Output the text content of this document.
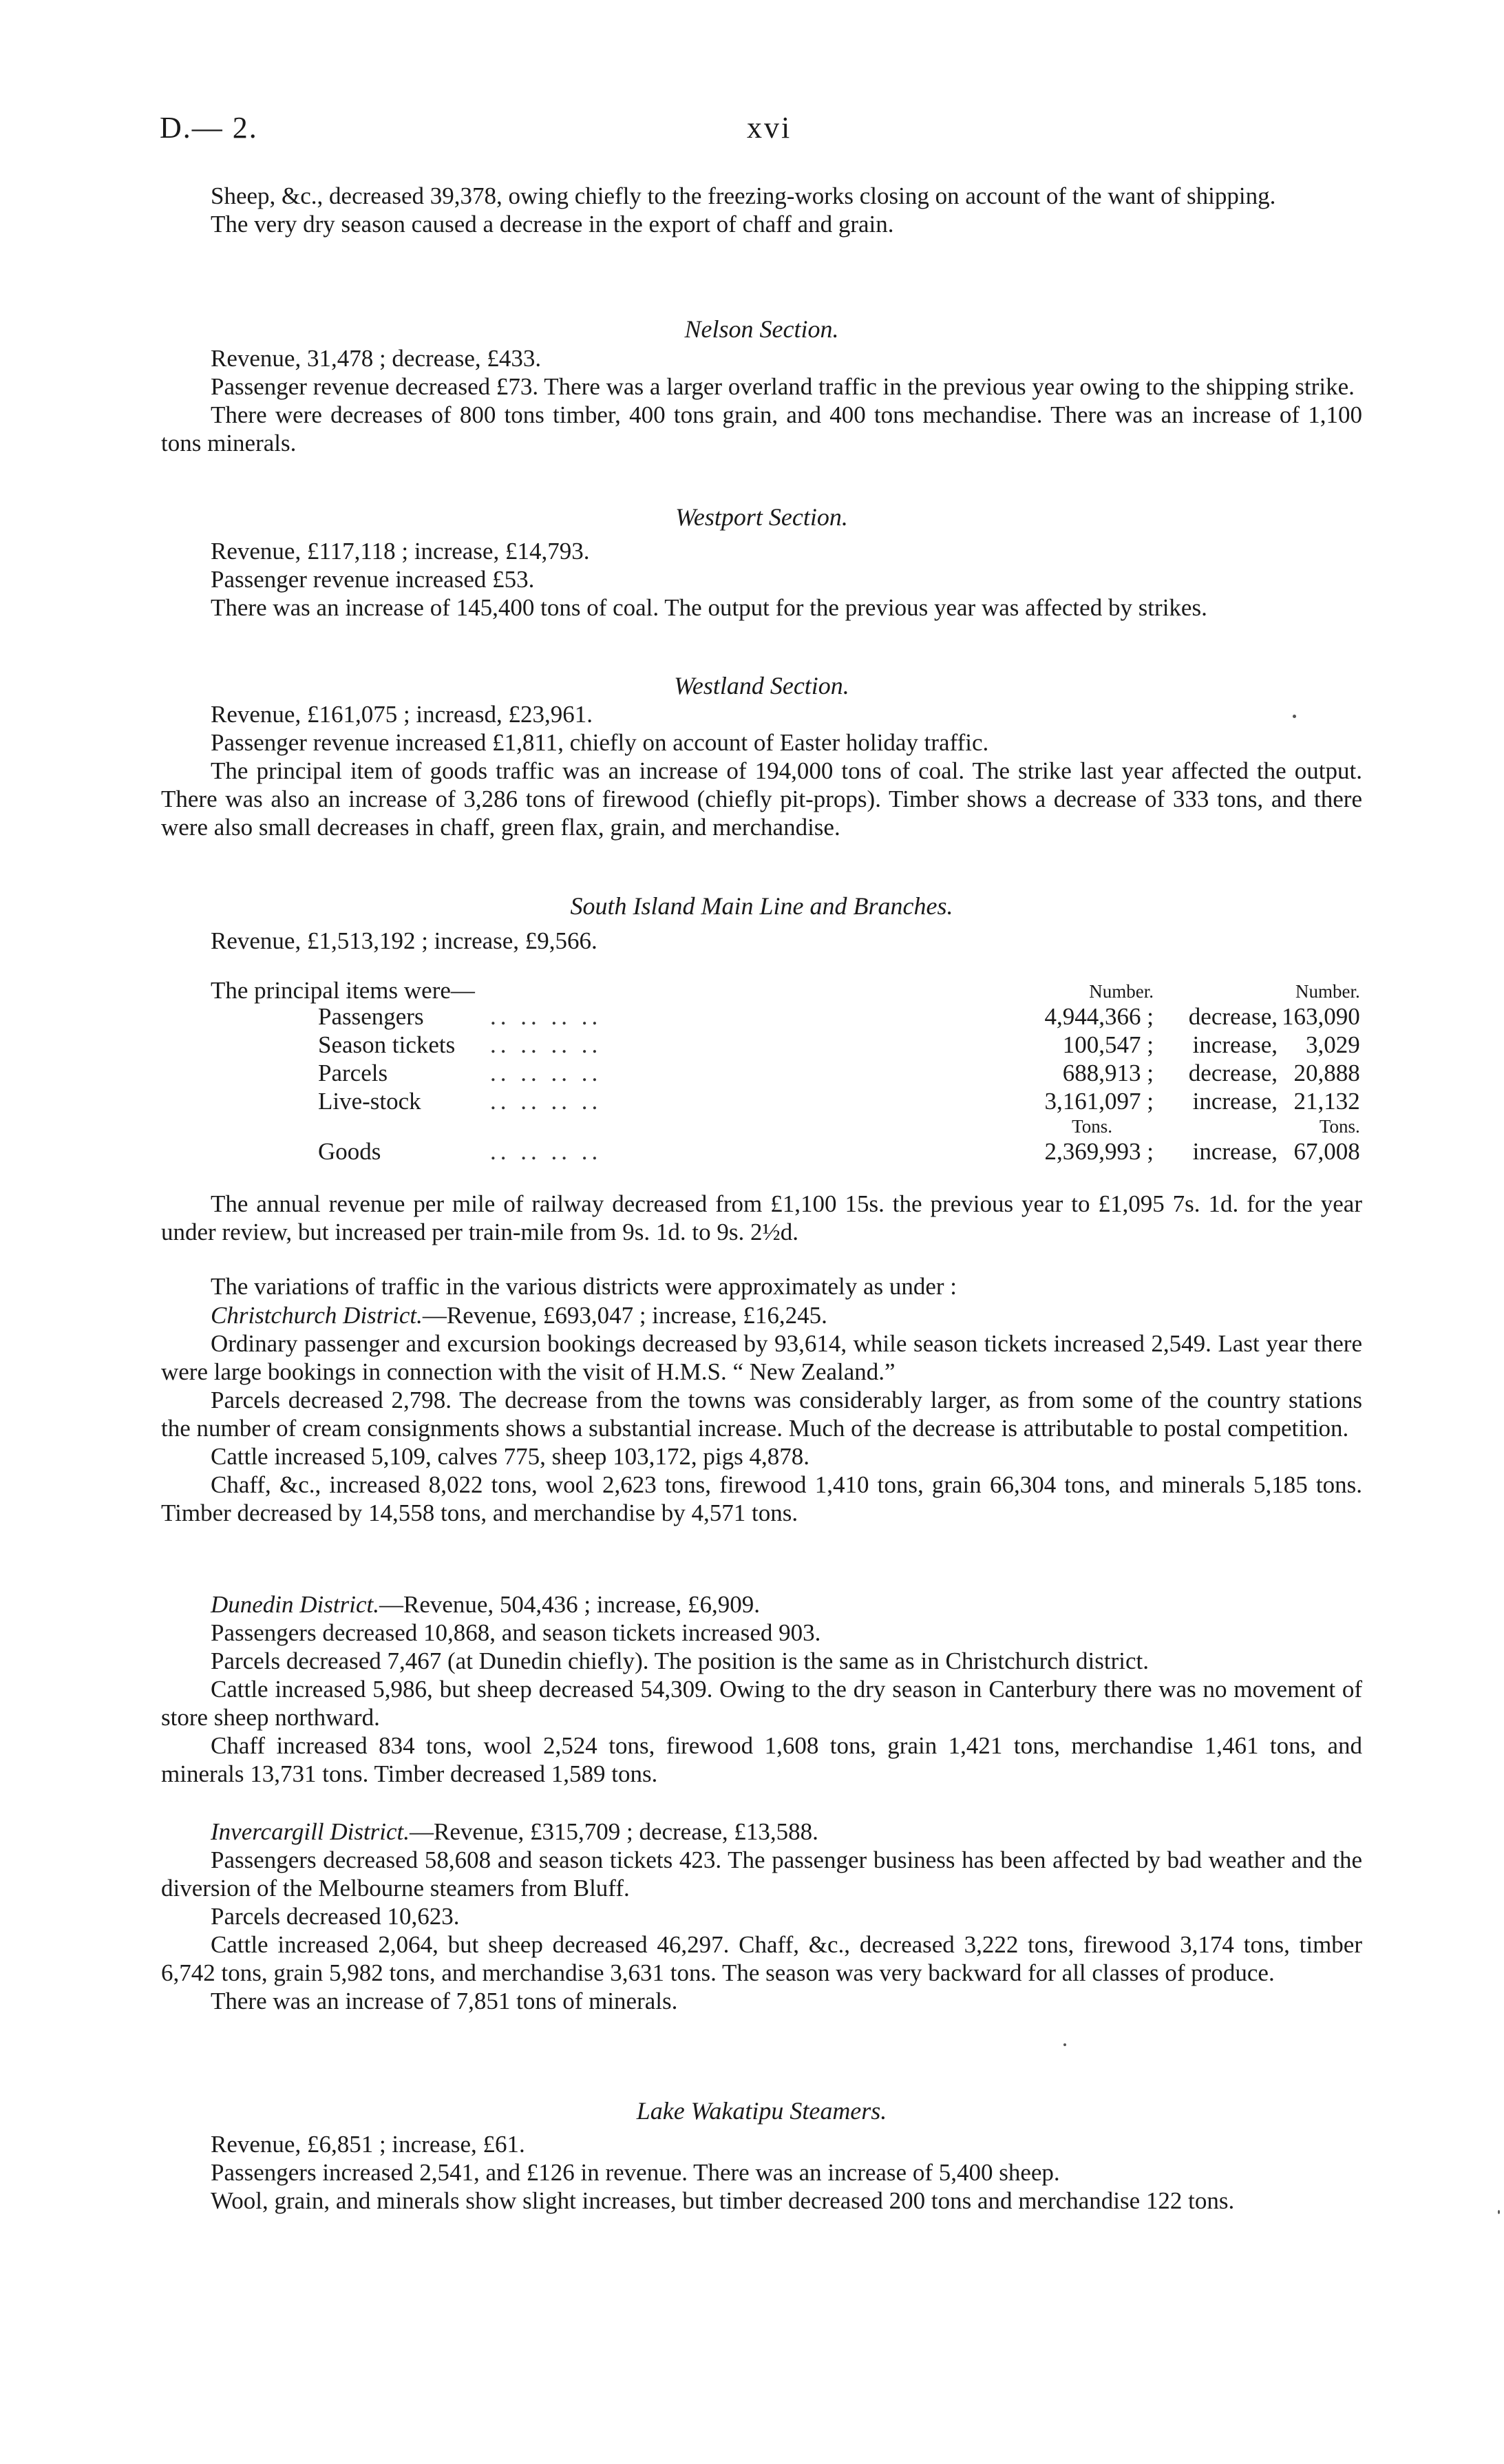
D.— 2.	xvi

Sheep, &c., decreased 39,378, owing chiefly to the freezing-works closing on account of the want of shipping.

The very dry season caused a decrease in the export of chaff and grain.

Nelson Section.

Revenue, 31,478 ; decrease, £433.

Passenger revenue decreased £73. There was a larger overland traffic in the previous year owing to the shipping strike.

There were decreases of 800 tons timber, 400 tons grain, and 400 tons mechandise. There was an increase of 1,100 tons minerals.

Westport Section.

Revenue, £117,118 ; increase, £14,793.

Passenger revenue increased £53.

There was an increase of 145,400 tons of coal. The output for the previous year was affected by strikes.

Westland Section.

Revenue, £161,075 ; increasd, £23,961.

Passenger revenue increased £1,811, chiefly on account of Easter holiday traffic.

The principal item of goods traffic was an increase of 194,000 tons of coal. The strike last year affected the output. There was also an increase of 3,286 tons of firewood (chiefly pit-props). Timber shows a decrease of 333 tons, and there were also small decreases in chaff, green flax, grain, and merchandise.

South Island Main Line and Branches.
Revenue, £1,513,192 ; increase, £9,566.
The principal items were—
			Number.		Number.
Passengers	.. .. .. ..	4,944,366 ;	decrease,	163,090
Season tickets	.. .. .. ..	100,547 ;	increase,	3,029
Parcels	.. .. .. ..	688,913 ;	decrease,	20,888
Live-stock	.. .. .. ..	3,161,097 ;	increase,	21,132
		Tons.		Tons.
Goods	.. .. .. ..	2,369,993 ;	increase,	67,008

The annual revenue per mile of railway decreased from £1,100 15s. the previous year to £1,095 7s. 1d. for the year under review, but increased per train-mile from 9s. 1d. to 9s. 2½d.

The variations of traffic in the various districts were approximately as under :

Christchurch District.—Revenue, £693,047 ; increase, £16,245.

Ordinary passenger and excursion bookings decreased by 93,614, while season tickets increased 2,549. Last year there were large bookings in connection with the visit of H.M.S. “ New Zealand.”

Parcels decreased 2,798. The decrease from the towns was considerably larger, as from some of the country stations the number of cream consignments shows a substantial increase. Much of the decrease is attributable to postal competition.

Cattle increased 5,109, calves 775, sheep 103,172, pigs 4,878.

Chaff, &c., increased 8,022 tons, wool 2,623 tons, firewood 1,410 tons, grain 66,304 tons, and minerals 5,185 tons. Timber decreased by 14,558 tons, and merchandise by 4,571 tons.

Dunedin District.—Revenue, 504,436 ; increase, £6,909.

Passengers decreased 10,868, and season tickets increased 903.

Parcels decreased 7,467 (at Dunedin chiefly). The position is the same as in Christchurch district.

Cattle increased 5,986, but sheep decreased 54,309. Owing to the dry season in Canterbury there was no movement of store sheep northward.

Chaff increased 834 tons, wool 2,524 tons, firewood 1,608 tons, grain 1,421 tons, merchandise 1,461 tons, and minerals 13,731 tons. Timber decreased 1,589 tons.

Invercargill District.—Revenue, £315,709 ; decrease, £13,588.

Passengers decreased 58,608 and season tickets 423. The passenger business has been affected by bad weather and the diversion of the Melbourne steamers from Bluff.

Parcels decreased 10,623.

Cattle increased 2,064, but sheep decreased 46,297. Chaff, &c., decreased 3,222 tons, firewood 3,174 tons, timber 6,742 tons, grain 5,982 tons, and merchandise 3,631 tons. The season was very backward for all classes of produce.

There was an increase of 7,851 tons of minerals.

Lake Wakatipu Steamers.

Revenue, £6,851 ; increase, £61.

Passengers increased 2,541, and £126 in revenue. There was an increase of 5,400 sheep.

Wool, grain, and minerals show slight increases, but timber decreased 200 tons and merchandise 122 tons.
